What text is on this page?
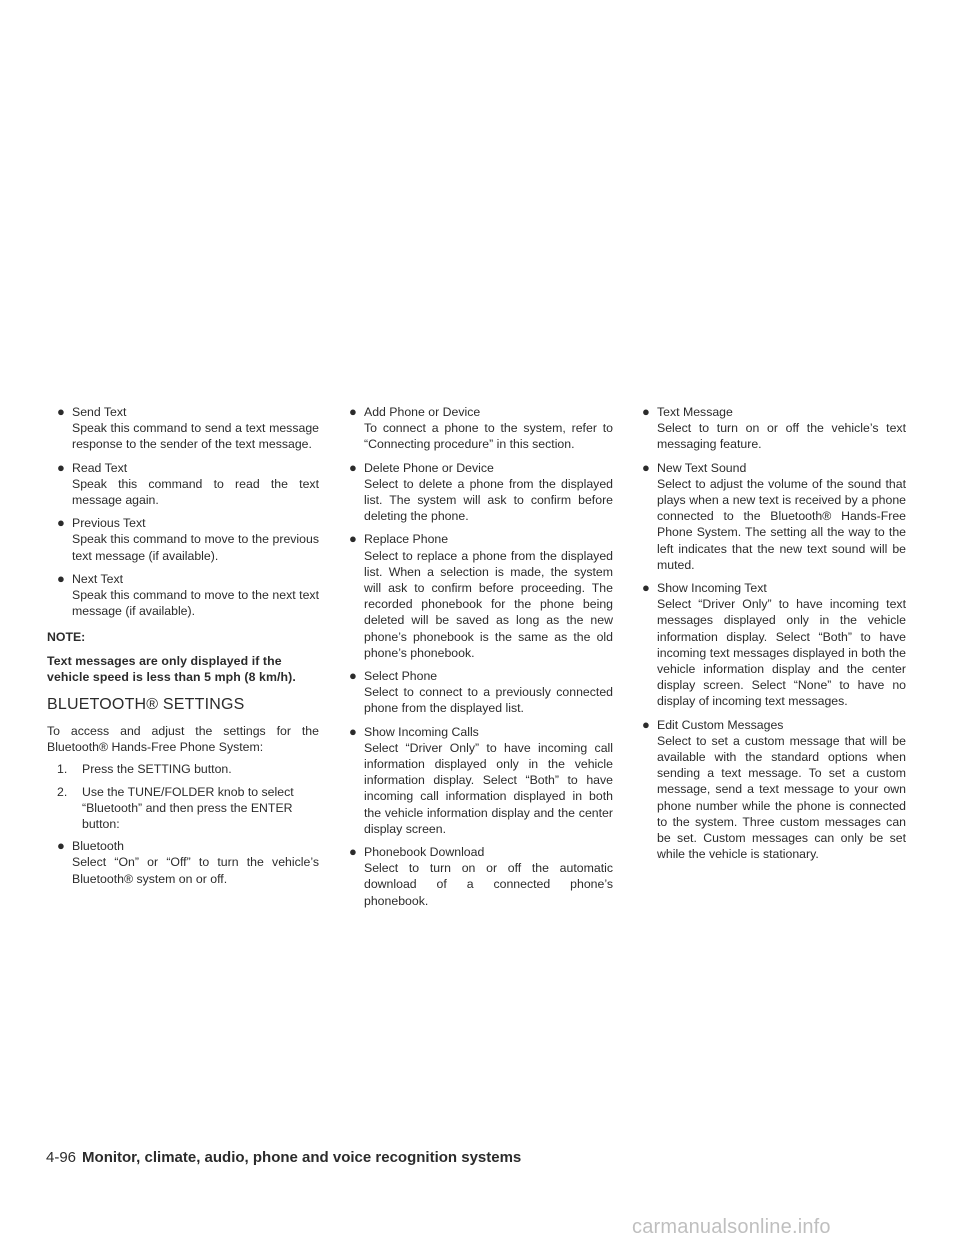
● Send Text
Speak this command to send a text message response to the sender of the text message.
● Read Text
Speak this command to read the text message again.
● Previous Text
Speak this command to move to the previous text message (if available).
● Next Text
Speak this command to move to the next text message (if available).
NOTE:
Text messages are only displayed if the vehicle speed is less than 5 mph (8 km/h).
BLUETOOTH® SETTINGS
To access and adjust the settings for the Bluetooth® Hands-Free Phone System:
1. Press the SETTING button.
2. Use the TUNE/FOLDER knob to select “Bluetooth” and then press the ENTER button:
● Bluetooth
Select “On” or “Off” to turn the vehicle’s Bluetooth® system on or off.
● Add Phone or Device
To connect a phone to the system, refer to “Connecting procedure” in this section.
● Delete Phone or Device
Select to delete a phone from the displayed list. The system will ask to confirm before deleting the phone.
● Replace Phone
Select to replace a phone from the displayed list. When a selection is made, the system will ask to confirm before proceeding. The recorded phonebook for the phone being deleted will be saved as long as the new phone’s phonebook is the same as the old phone’s phonebook.
● Select Phone
Select to connect to a previously connected phone from the displayed list.
● Show Incoming Calls
Select “Driver Only” to have incoming call information displayed only in the vehicle information display. Select “Both” to have incoming call information displayed in both the vehicle information display and the center display screen.
● Phonebook Download
Select to turn on or off the automatic download of a connected phone’s phonebook.
● Text Message
Select to turn on or off the vehicle’s text messaging feature.
● New Text Sound
Select to adjust the volume of the sound that plays when a new text is received by a phone connected to the Bluetooth® Hands-Free Phone System. The setting all the way to the left indicates that the new text sound will be muted.
● Show Incoming Text
Select “Driver Only” to have incoming text messages displayed only in the vehicle information display. Select “Both” to have incoming text messages displayed in both the vehicle information display and the center display screen. Select “None” to have no display of incoming text messages.
● Edit Custom Messages
Select to set a custom message that will be available with the standard options when sending a text message. To set a custom message, send a text message to your own phone number while the phone is connected to the system. Three custom messages can be set. Custom messages can only be set while the vehicle is stationary.
4-96 Monitor, climate, audio, phone and voice recognition systems
carmanualsonline.info
